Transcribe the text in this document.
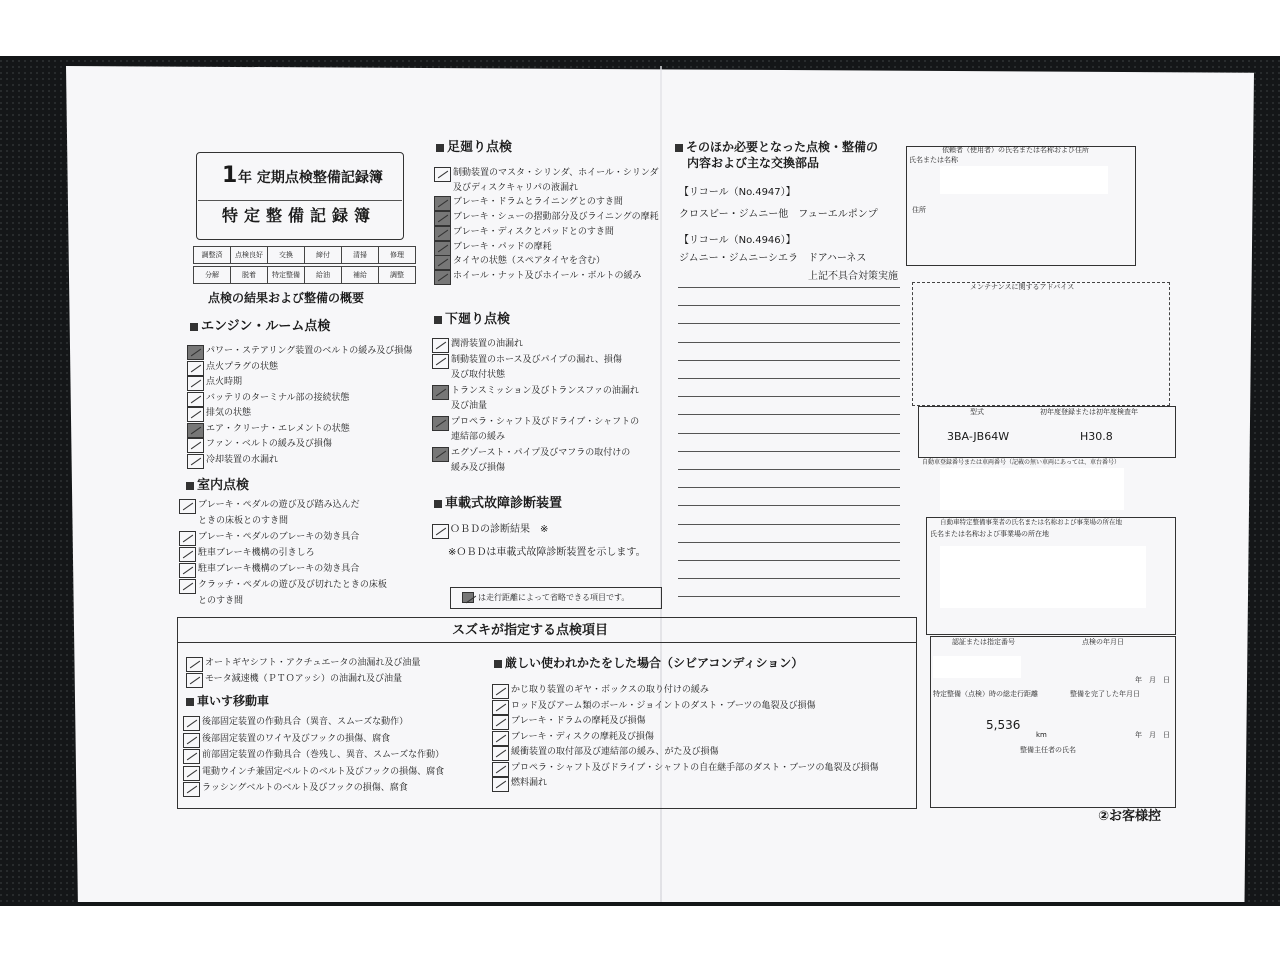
1 年 定期点検整備記録簿
特定整備記録簿
調整済	点検良好	交換	締付	清掃	修理
分解	脱着	特定整備	給油	補給	調整
点検の結果および整備の概要
エンジン・ルーム点検
パワー・ステアリング装置のベルトの緩み及び損傷
点火プラグの状態
点火時期
バッテリのターミナル部の接続状態
排気の状態
エア・クリーナ・エレメントの状態
ファン・ベルトの緩み及び損傷
冷却装置の水漏れ
室内点検
ブレーキ・ペダルの遊び及び踏み込んだ
ときの床板とのすき間
ブレーキ・ペダルのブレーキの効き具合
駐車ブレーキ機構の引きしろ
駐車ブレーキ機構のブレーキの効き具合
クラッチ・ペダルの遊び及び切れたときの床板
とのすき間
足廻り点検
制動装置のマスタ・シリンダ、ホイール・シリンダ
及びディスクキャリパの液漏れ
ブレーキ・ドラムとライニングとのすき間
ブレーキ・シューの摺動部分及びライニングの摩耗
ブレーキ・ディスクとパッドとのすき間
ブレーキ・パッドの摩耗
タイヤの状態（スペアタイヤを含む）
ホイール・ナット及びホイール・ボルトの緩み
下廻り点検
潤滑装置の油漏れ
制動装置のホース及びパイプの漏れ、損傷
及び取付状態
トランスミッション及びトランスファの油漏れ
及び油量
プロペラ・シャフト及びドライブ・シャフトの
連結部の緩み
エグゾースト・パイプ及びマフラの取付けの
緩み及び損傷
車載式故障診断装置
ＯＢＤの診断結果　※
※ＯＢＤは車載式故障診断装置を示します。
は走行距離によって省略できる項目です。
そのほか必要となった点検・整備の
内容および主な交換部品
【リコール（No.4947）】
クロスビー・ジムニー他　フューエルポンプ
【リコール（No.4946）】
ジムニー・ジムニーシエラ　ドアハーネス
上記不具合対策実施
依頼者（使用者）の氏名または名称および住所
氏名または名称
住所
メンテナンスに関するアドバイス
型式
3BA-JB64W
初年度登録または初年度検査年
H30.8
自動車登録番号または車両番号（記載の無い車両にあっては、車台番号）
自動車特定整備事業者の氏名または名称および事業場の所在地
氏名または名称および事業場の所在地
認証または指定番号	点検の年月日
年　月　日
特定整備（点検）時の総走行距離
5,536
km
整備を完了した年月日
年　月　日
整備主任者の氏名
②お客様控
スズキが指定する点検項目
オートギヤシフト・アクチュエータの油漏れ及び油量
モータ減速機（ＰＴＯアッシ）の油漏れ及び油量
車いす移動車
後部固定装置の作動具合（異音、スムーズな動作）
後部固定装置のワイヤ及びフックの損傷、腐食
前部固定装置の作動具合（巻残し、異音、スムーズな作動）
電動ウインチ兼固定ベルトのベルト及びフックの損傷、腐食
ラッシングベルトのベルト及びフックの損傷、腐食
厳しい使われかたをした場合（シビアコンディション）
かじ取り装置のギヤ・ボックスの取り付けの緩み
ロッド及びアーム類のボール・ジョイントのダスト・ブーツの亀裂及び損傷
ブレーキ・ドラムの摩耗及び損傷
ブレーキ・ディスクの摩耗及び損傷
緩衝装置の取付部及び連結部の緩み、がた及び損傷
プロペラ・シャフト及びドライブ・シャフトの自在継手部のダスト・ブーツの亀裂及び損傷
燃料漏れ
